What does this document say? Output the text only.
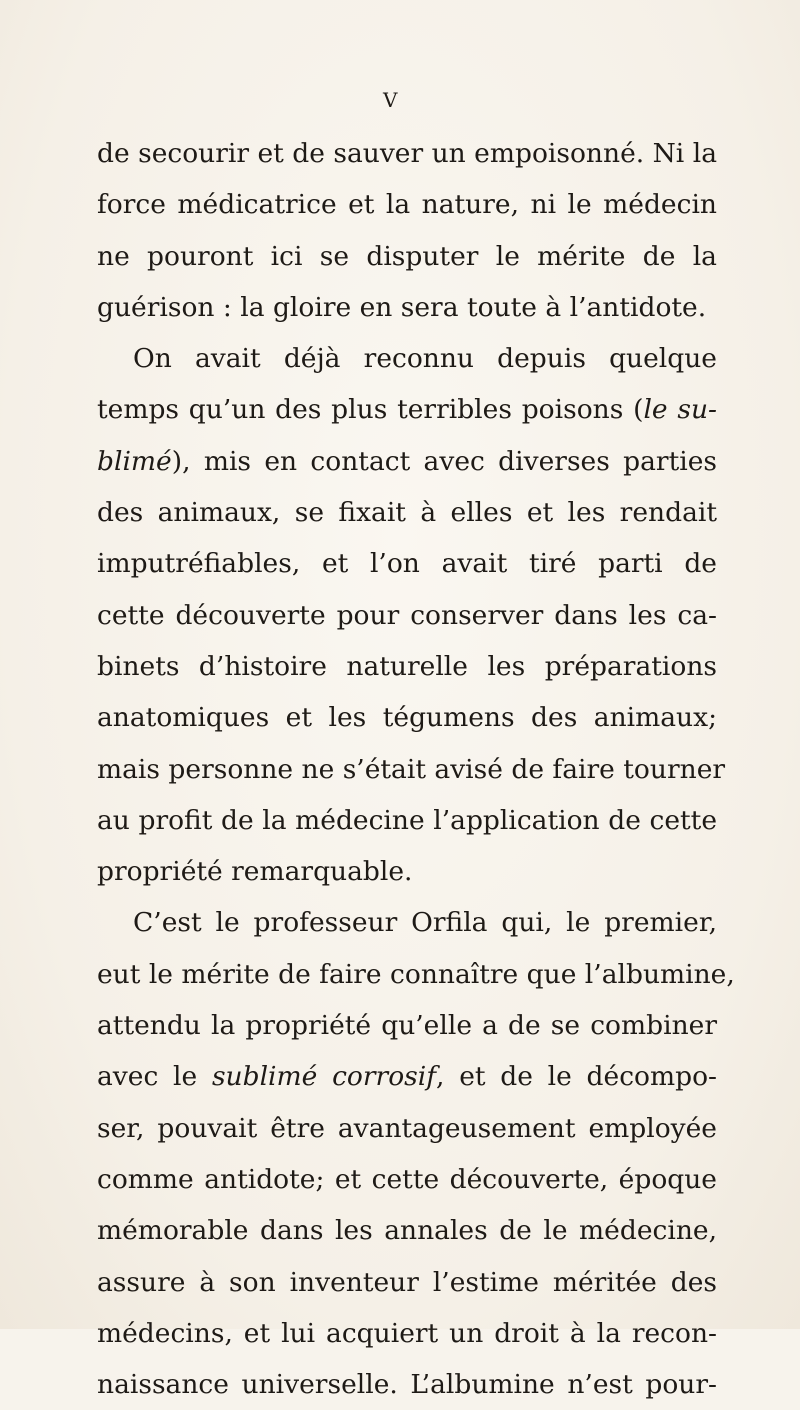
V
de secourir et de sauver un empoisonné. Ni la
force médicatrice et la nature, ni le médecin
ne pouront ici se disputer le mérite de la
guérison : la gloire en sera toute à l’antidote.
On avait déjà reconnu depuis quelque
temps qu’un des plus terribles poisons (le su-
blimé), mis en contact avec diverses parties
des animaux, se fixait à elles et les rendait
imputréfiables, et l’on avait tiré parti de
cette découverte pour conserver dans les ca-
binets d’histoire naturelle les préparations
anatomiques et les tégumens des animaux;
mais personne ne s’était avisé de faire tourner
au profit de la médecine l’application de cette
propriété remarquable.
C’est le professeur Orfila qui, le premier,
eut le mérite de faire connaître que l’albumine,
attendu la propriété qu’elle a de se combiner
avec le sublimé corrosif, et de le décompo-
ser, pouvait être avantageusement employée
comme antidote; et cette découverte, époque
mémorable dans les annales de le médecine,
assure à son inventeur l’estime méritée des
médecins, et lui acquiert un droit à la recon-
naissance universelle. L’albumine n’est pour-
